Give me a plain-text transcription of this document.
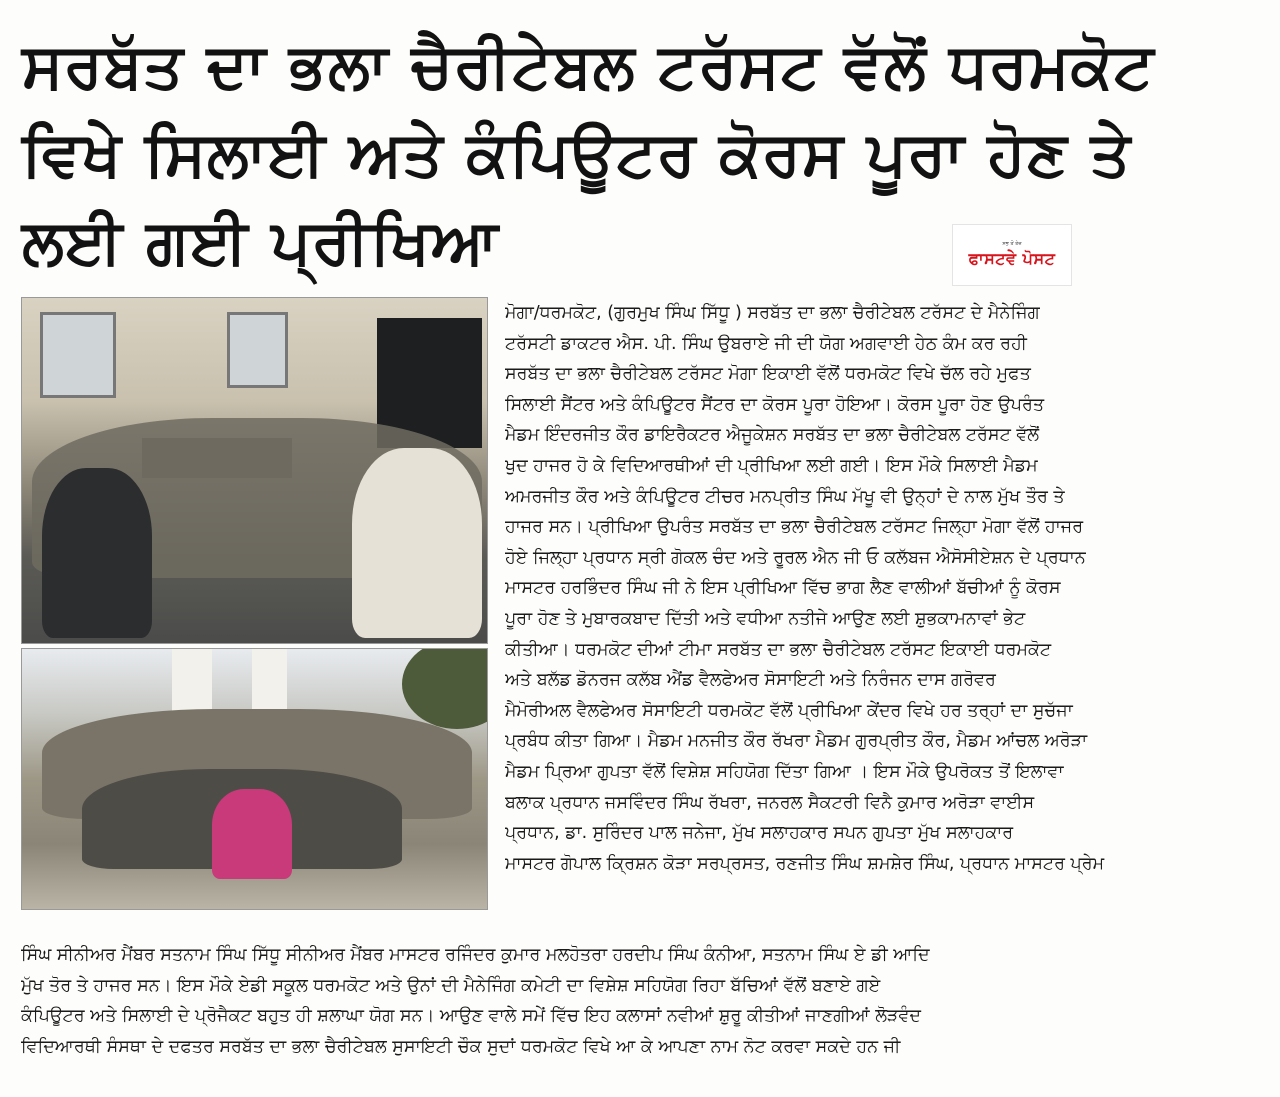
ਸਰਬੱਤ ਦਾ ਭਲਾ ਚੈਰੀਟੇਬਲ ਟਰੱਸਟ ਵੱਲੋਂ ਧਰਮਕੋਟ
ਵਿਖੇ ਸਿਲਾਈ ਅਤੇ ਕੰਪਿਊਟਰ ਕੋਰਸ ਪੂਰਾ ਹੋਣ ਤੇ
ਲਈ ਗਈ ਪ੍ਰੀਖਿਆ	ਸਭ ਤੋਂ ਤੇਜ਼
ਫਾਸਟਵੇ ਪੋਸਟ
ਮੋਗਾ/ਧਰਮਕੋਟ, (ਗੁਰਮੁਖ ਸਿੰਘ ਸਿੱਧੂ ) ਸਰਬੱਤ ਦਾ ਭਲਾ ਚੈਰੀਟੇਬਲ ਟਰੱਸਟ ਦੇ ਮੈਨੇਜਿੰਗ
ਟਰੱਸਟੀ ਡਾਕਟਰ ਐਸ. ਪੀ. ਸਿੰਘ ਉਬਰਾਏ ਜੀ ਦੀ ਯੋਗ ਅਗਵਾਈ ਹੇਠ ਕੰਮ ਕਰ ਰਹੀ
ਸਰਬੱਤ ਦਾ ਭਲਾ ਚੈਰੀਟੇਬਲ ਟਰੱਸਟ ਮੋਗਾ ਇਕਾਈ ਵੱਲੋਂ ਧਰਮਕੋਟ ਵਿਖੇ ਚੱਲ ਰਹੇ ਮੁਫਤ
ਸਿਲਾਈ ਸੈਂਟਰ ਅਤੇ ਕੰਪਿਊਟਰ ਸੈਂਟਰ ਦਾ ਕੋਰਸ ਪੂਰਾ ਹੋਇਆ। ਕੋਰਸ ਪੂਰਾ ਹੋਣ ਉਪਰੰਤ
ਮੈਡਮ ਇੰਦਰਜੀਤ ਕੌਰ ਡਾਇਰੈਕਟਰ ਐਜੂਕੇਸ਼ਨ ਸਰਬੱਤ ਦਾ ਭਲਾ ਚੈਰੀਟੇਬਲ ਟਰੱਸਟ ਵੱਲੋਂ
ਖੁਦ ਹਾਜਰ ਹੋ ਕੇ ਵਿਦਿਆਰਥੀਆਂ ਦੀ ਪ੍ਰੀਖਿਆ ਲਈ ਗਈ। ਇਸ ਮੌਕੇ ਸਿਲਾਈ ਮੈਡਮ
ਅਮਰਜੀਤ ਕੌਰ ਅਤੇ ਕੰਪਿਊਟਰ ਟੀਚਰ ਮਨਪ੍ਰੀਤ ਸਿੰਘ ਮੱਖੂ ਵੀ ਉਨ੍ਹਾਂ ਦੇ ਨਾਲ ਮੁੱਖ ਤੌਰ ਤੇ
ਹਾਜਰ ਸਨ। ਪ੍ਰੀਖਿਆ ਉਪਰੰਤ ਸਰਬੱਤ ਦਾ ਭਲਾ ਚੈਰੀਟੇਬਲ ਟਰੱਸਟ ਜਿਲ੍ਹਾ ਮੋਗਾ ਵੱਲੋਂ ਹਾਜਰ
ਹੋਏ ਜਿਲ੍ਹਾ ਪ੍ਰਧਾਨ ਸ੍ਰੀ ਗੋਕਲ ਚੰਦ ਅਤੇ ਰੂਰਲ ਐਨ ਜੀ ਓ ਕਲੱਬਜ ਐਸੋਸੀਏਸ਼ਨ ਦੇ ਪ੍ਰਧਾਨ
ਮਾਸਟਰ ਹਰਭਿੰਦਰ ਸਿੰਘ ਜੀ ਨੇ ਇਸ ਪ੍ਰੀਖਿਆ ਵਿੱਚ ਭਾਗ ਲੈਣ ਵਾਲੀਆਂ ਬੱਚੀਆਂ ਨੂੰ ਕੋਰਸ
ਪੂਰਾ ਹੋਣ ਤੇ ਮੁਬਾਰਕਬਾਦ ਦਿੱਤੀ ਅਤੇ ਵਧੀਆ ਨਤੀਜੇ ਆਉਣ ਲਈ ਸ਼ੁਭਕਾਮਨਾਵਾਂ ਭੇਟ
ਕੀਤੀਆ। ਧਰਮਕੋਟ ਦੀਆਂ ਟੀਮਾ ਸਰਬੱਤ ਦਾ ਭਲਾ ਚੈਰੀਟੇਬਲ ਟਰੱਸਟ ਇਕਾਈ ਧਰਮਕੋਟ
ਅਤੇ ਬਲੱਡ ਡੋਨਰਜ ਕਲੱਬ ਐਂਡ ਵੈਲਫੇਅਰ ਸੋਸਾਇਟੀ ਅਤੇ ਨਿਰੰਜਨ ਦਾਸ ਗਰੋਵਰ
ਮੈਮੋਰੀਅਲ ਵੈਲਫੇਅਰ ਸੋਸਾਇਟੀ ਧਰਮਕੋਟ ਵੱਲੋਂ ਪ੍ਰੀਖਿਆ ਕੇਂਦਰ ਵਿਖੇ ਹਰ ਤਰ੍ਹਾਂ ਦਾ ਸੁਚੱਜਾ
ਪ੍ਰਬੰਧ ਕੀਤਾ ਗਿਆ। ਮੈਡਮ ਮਨਜੀਤ ਕੌਰ ਰੱਖਰਾ ਮੈਡਮ ਗੁਰਪ੍ਰੀਤ ਕੌਰ, ਮੈਡਮ ਆਂਚਲ ਅਰੋੜਾ
ਮੈਡਮ ਪ੍ਰਿਆ ਗੁਪਤਾ ਵੱਲੋਂ ਵਿਸ਼ੇਸ਼ ਸਹਿਯੋਗ ਦਿੱਤਾ ਗਿਆ । ਇਸ ਮੌਕੇ ਉਪਰੋਕਤ ਤੋਂ ਇਲਾਵਾ
ਬਲਾਕ ਪ੍ਰਧਾਨ ਜਸਵਿੰਦਰ ਸਿੰਘ ਰੱਖਰਾ, ਜਨਰਲ ਸੈਕਟਰੀ ਵਿਨੈ ਕੁਮਾਰ ਅਰੋੜਾ ਵਾਈਸ
ਪ੍ਰਧਾਨ, ਡਾ. ਸੁਰਿੰਦਰ ਪਾਲ ਜਨੇਜਾ, ਮੁੱਖ ਸਲਾਹਕਾਰ ਸਪਨ ਗੁਪਤਾ ਮੁੱਖ ਸਲਾਹਕਾਰ
ਮਾਸਟਰ ਗੋਪਾਲ ਕ੍ਰਿਸ਼ਨ ਕੋੜਾ ਸਰਪ੍ਰਸਤ, ਰਣਜੀਤ ਸਿੰਘ ਸ਼ਮਸ਼ੇਰ ਸਿੰਘ, ਪ੍ਰਧਾਨ ਮਾਸਟਰ ਪ੍ਰੇਮ
ਸਿੰਘ ਸੀਨੀਅਰ ਮੈਂਬਰ ਸਤਨਾਮ ਸਿੰਘ ਸਿੱਧੂ ਸੀਨੀਅਰ ਮੈਂਬਰ ਮਾਸਟਰ ਰਜਿੰਦਰ ਕੁਮਾਰ ਮਲਹੋਤਰਾ ਹਰਦੀਪ ਸਿੰਘ ਕੰਨੀਆ, ਸਤਨਾਮ ਸਿੰਘ ਏ ਡੀ ਆਦਿ
ਮੁੱਖ ਤੋਰ ਤੇ ਹਾਜਰ ਸਨ। ਇਸ ਮੌਕੇ ਏਡੀ ਸਕੂਲ ਧਰਮਕੋਟ ਅਤੇ ਉਨਾਂ ਦੀ ਮੈਨੇਜਿੰਗ ਕਮੇਟੀ ਦਾ ਵਿਸ਼ੇਸ਼ ਸਹਿਯੋਗ ਰਿਹਾ ਬੱਚਿਆਂ ਵੱਲੋਂ ਬਣਾਏ ਗਏ
ਕੰਪਿਊਟਰ ਅਤੇ ਸਿਲਾਈ ਦੇ ਪ੍ਰੋਜੈਕਟ ਬਹੁਤ ਹੀ ਸ਼ਲਾਘਾ ਯੋਗ ਸਨ। ਆਉਣ ਵਾਲੇ ਸਮੇਂ ਵਿੱਚ ਇਹ ਕਲਾਸਾਂ ਨਵੀਆਂ ਸ਼ੁਰੂ ਕੀਤੀਆਂ ਜਾਣਗੀਆਂ ਲੋੜਵੰਦ
ਵਿਦਿਆਰਥੀ ਸੰਸਥਾ ਦੇ ਦਫਤਰ ਸਰਬੱਤ ਦਾ ਭਲਾ ਚੈਰੀਟੇਬਲ ਸੁਸਾਇਟੀ ਚੌਕ ਸੁਦਾਂ ਧਰਮਕੋਟ ਵਿਖੇ ਆ ਕੇ ਆਪਣਾ ਨਾਮ ਨੋਟ ਕਰਵਾ ਸਕਦੇ ਹਨ ਜੀ
